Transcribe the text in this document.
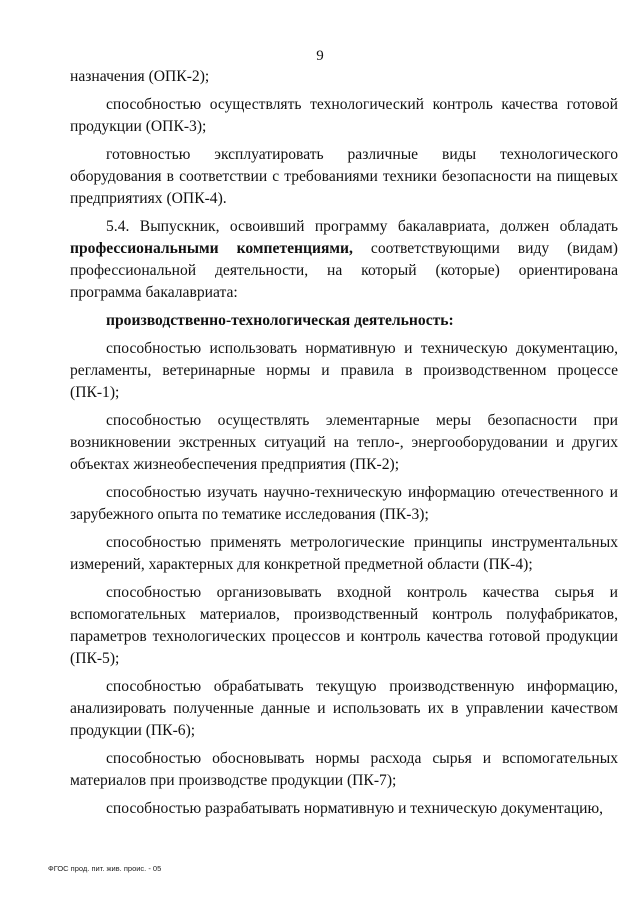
9

назначения (ОПК-2);

способностью осуществлять технологический контроль качества готовой продукции (ОПК-3);

готовностью эксплуатировать различные виды технологического оборудования в соответствии с требованиями техники безопасности на пищевых предприятиях (ОПК-4).

5.4. Выпускник, освоивший программу бакалавриата, должен обладать профессиональными компетенциями, соответствующими виду (видам) профессиональной деятельности, на который (которые) ориентирована программа бакалавриата:

производственно-технологическая деятельность:

способностью использовать нормативную и техническую документацию, регламенты, ветеринарные нормы и правила в производственном процессе (ПК-1);

способностью осуществлять элементарные меры безопасности при возникновении экстренных ситуаций на тепло-, энергооборудовании и других объектах жизнеобеспечения предприятия (ПК-2);

способностью изучать научно-техническую информацию отечественного и зарубежного опыта по тематике исследования (ПК-3);

способностью применять метрологические принципы инструментальных измерений, характерных для конкретной предметной области (ПК-4);

способностью организовывать входной контроль качества сырья и вспомогательных материалов, производственный контроль полуфабрикатов, параметров технологических процессов и контроль качества готовой продукции (ПК-5);

способностью обрабатывать текущую производственную информацию, анализировать полученные данные и использовать их в управлении качеством продукции (ПК-6);

способностью обосновывать нормы расхода сырья и вспомогательных материалов при производстве продукции (ПК-7);

способностью разрабатывать нормативную и техническую документацию,

ФГОС прод. пит. жив. проис. - 05
